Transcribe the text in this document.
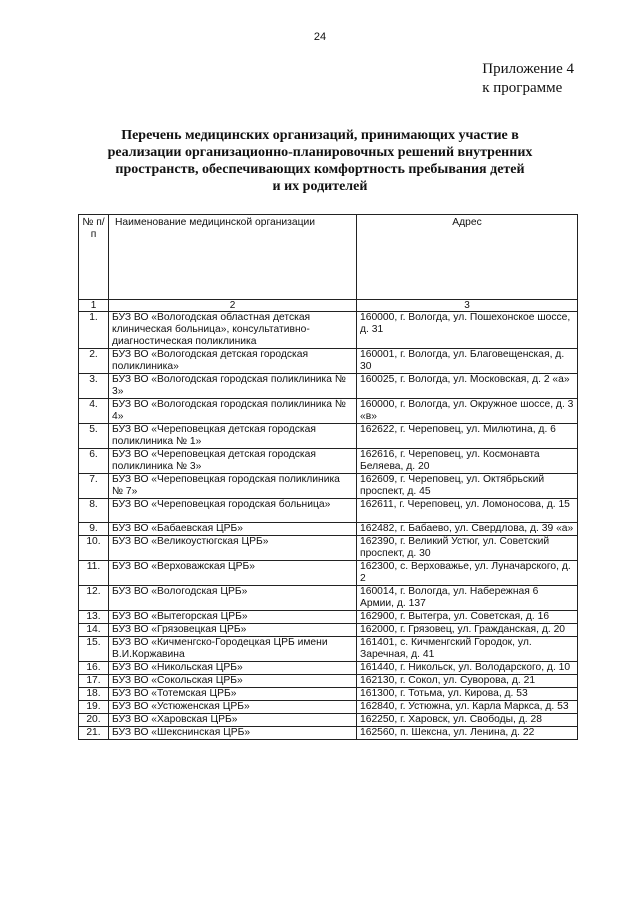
24
Приложение 4
к программе
Перечень медицинских организаций, принимающих участие в
реализации организационно-планировочных решений внутренних
пространств, обеспечивающих комфортность пребывания детей
и их родителей
№ п/п	Наименование медицинской организации	Адрес
1	2	3
1.	БУЗ ВО «Вологодская областная детская клиническая больница», консультативно-диагностическая поликлиника	160000, г. Вологда, ул. Пошехонское шоссе, д. 31
2.	БУЗ ВО «Вологодская детская городская поликлиника»	160001, г. Вологда, ул. Благовещенская, д. 30
3.	БУЗ ВО «Вологодская городская поликлиника № 3»	160025, г. Вологда, ул. Московская, д. 2 «а»
4.	БУЗ ВО «Вологодская городская поликлиника № 4»	160000, г. Вологда, ул. Окружное шоссе, д. 3 «в»
5.	БУЗ ВО «Череповецкая детская городская поликлиника № 1»	162622, г. Череповец, ул. Милютина, д. 6
6.	БУЗ ВО «Череповецкая детская городская поликлиника № 3»	162616, г. Череповец, ул. Космонавта Беляева, д. 20
7.	БУЗ ВО «Череповецкая городская поликлиника № 7»	162609, г. Череповец, ул. Октябрьский проспект, д. 45
8.	БУЗ ВО «Череповецкая городская больница»	162611, г. Череповец, ул. Ломоносова, д. 15
9.	БУЗ ВО «Бабаевская ЦРБ»	162482, г. Бабаево, ул. Свердлова, д. 39 «а»
10.	БУЗ ВО «Великоустюгская ЦРБ»	162390, г. Великий Устюг, ул. Советский проспект, д. 30
11.	БУЗ ВО «Верховажская ЦРБ»	162300, с. Верховажье, ул. Луначарского, д. 2
12.	БУЗ ВО «Вологодская ЦРБ»	160014, г. Вологда, ул. Набережная 6 Армии, д. 137
13.	БУЗ ВО «Вытегорская ЦРБ»	162900, г. Вытегра, ул. Советская, д. 16
14.	БУЗ ВО «Грязовецкая ЦРБ»	162000, г. Грязовец, ул. Гражданская, д. 20
15.	БУЗ ВО «Кичменгско-Городецкая ЦРБ имени В.И.Коржавина	161401, с. Кичменгский Городок, ул. Заречная, д. 41
16.	БУЗ ВО «Никольская ЦРБ»	161440, г. Никольск, ул. Володарского, д. 10
17.	БУЗ ВО «Сокольская ЦРБ»	162130, г. Сокол, ул. Суворова, д. 21
18.	БУЗ ВО «Тотемская ЦРБ»	161300, г. Тотьма, ул. Кирова, д. 53
19.	БУЗ ВО «Устюженская ЦРБ»	162840, г. Устюжна, ул. Карла Маркса, д. 53
20.	БУЗ ВО «Харовская ЦРБ»	162250, г. Харовск, ул. Свободы, д. 28
21.	БУЗ ВО «Шекснинская ЦРБ»	162560, п. Шексна, ул. Ленина, д. 22
